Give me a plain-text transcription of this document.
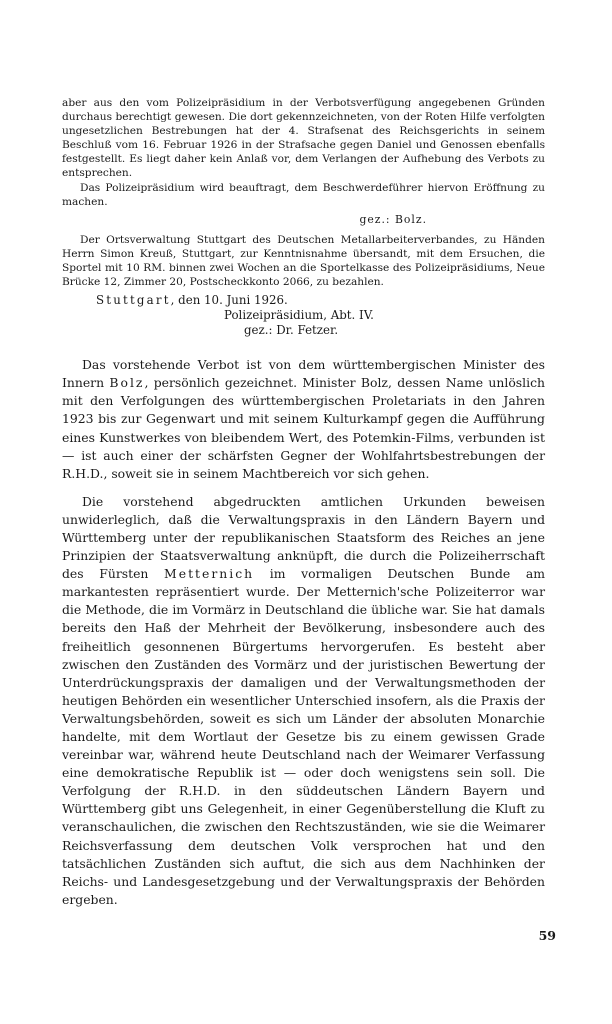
aber aus den vom Polizeipräsidium in der Verbotsverfügung angegebenen Gründen durchaus berechtigt gewesen. Die dort gekennzeichneten, von der Roten Hilfe verfolgten ungesetzlichen Bestrebungen hat der 4. Strafsenat des Reichsgerichts in seinem Beschluß vom 16. Februar 1926 in der Strafsache gegen Daniel und Genossen ebenfalls festgestellt. Es liegt daher kein Anlaß vor, dem Verlangen der Aufhebung des Verbots zu entsprechen.

Das Polizeipräsidium wird beauftragt, dem Beschwerdeführer hiervon Eröffnung zu machen.

gez.: Bolz.

Der Ortsverwaltung Stuttgart des Deutschen Metallarbeiterverbandes, zu Händen Herrn Simon Kreuß, Stuttgart, zur Kenntnisnahme übersandt, mit dem Ersuchen, die Sportel mit 10 RM. binnen zwei Wochen an die Sportelkasse des Polizeipräsidiums, Neue Brücke 12, Zimmer 20, Postscheckkonto 2066, zu bezahlen.

Stuttgart, den 10. Juni 1926.

Polizeipräsidium, Abt. IV.

gez.: Dr. Fetzer.

Das vorstehende Verbot ist von dem württembergischen Minister des Innern Bolz, persönlich gezeichnet. Minister Bolz, dessen Name unlöslich mit den Verfolgungen des württembergischen Proletariats in den Jahren 1923 bis zur Gegenwart und mit seinem Kulturkampf gegen die Aufführung eines Kunstwerkes von bleibendem Wert, des Potemkin-Films, verbunden ist — ist auch einer der schärfsten Gegner der Wohlfahrtsbestrebungen der R.H.D., soweit sie in seinem Machtbereich vor sich gehen.

Die vorstehend abgedruckten amtlichen Urkunden beweisen unwiderleglich, daß die Verwaltungspraxis in den Ländern Bayern und Württemberg unter der republikanischen Staatsform des Reiches an jene Prinzipien der Staatsverwaltung anknüpft, die durch die Polizeiherrschaft des Fürsten Metternich im vormaligen Deutschen Bunde am markantesten repräsentiert wurde. Der Metternich'sche Polizeiterror war die Methode, die im Vormärz in Deutschland die übliche war. Sie hat damals bereits den Haß der Mehrheit der Bevölkerung, insbesondere auch des freiheitlich gesonnenen Bürgertums hervorgerufen. Es besteht aber zwischen den Zuständen des Vormärz und der juristischen Bewertung der Unterdrückungspraxis der damaligen und der Verwaltungsmethoden der heutigen Behörden ein wesentlicher Unterschied insofern, als die Praxis der Verwaltungsbehörden, soweit es sich um Länder der absoluten Monarchie handelte, mit dem Wortlaut der Gesetze bis zu einem gewissen Grade vereinbar war, während heute Deutschland nach der Weimarer Verfassung eine demokratische Republik ist — oder doch wenigstens sein soll. Die Verfolgung der R.H.D. in den süddeutschen Ländern Bayern und Württemberg gibt uns Gelegenheit, in einer Gegenüberstellung die Kluft zu veranschaulichen, die zwischen den Rechtszuständen, wie sie die Weimarer Reichsverfassung dem deutschen Volk versprochen hat und den tatsächlichen Zuständen sich auftut, die sich aus dem Nachhinken der Reichs- und Landesgesetzgebung und der Verwaltungspraxis der Behörden ergeben.

59
